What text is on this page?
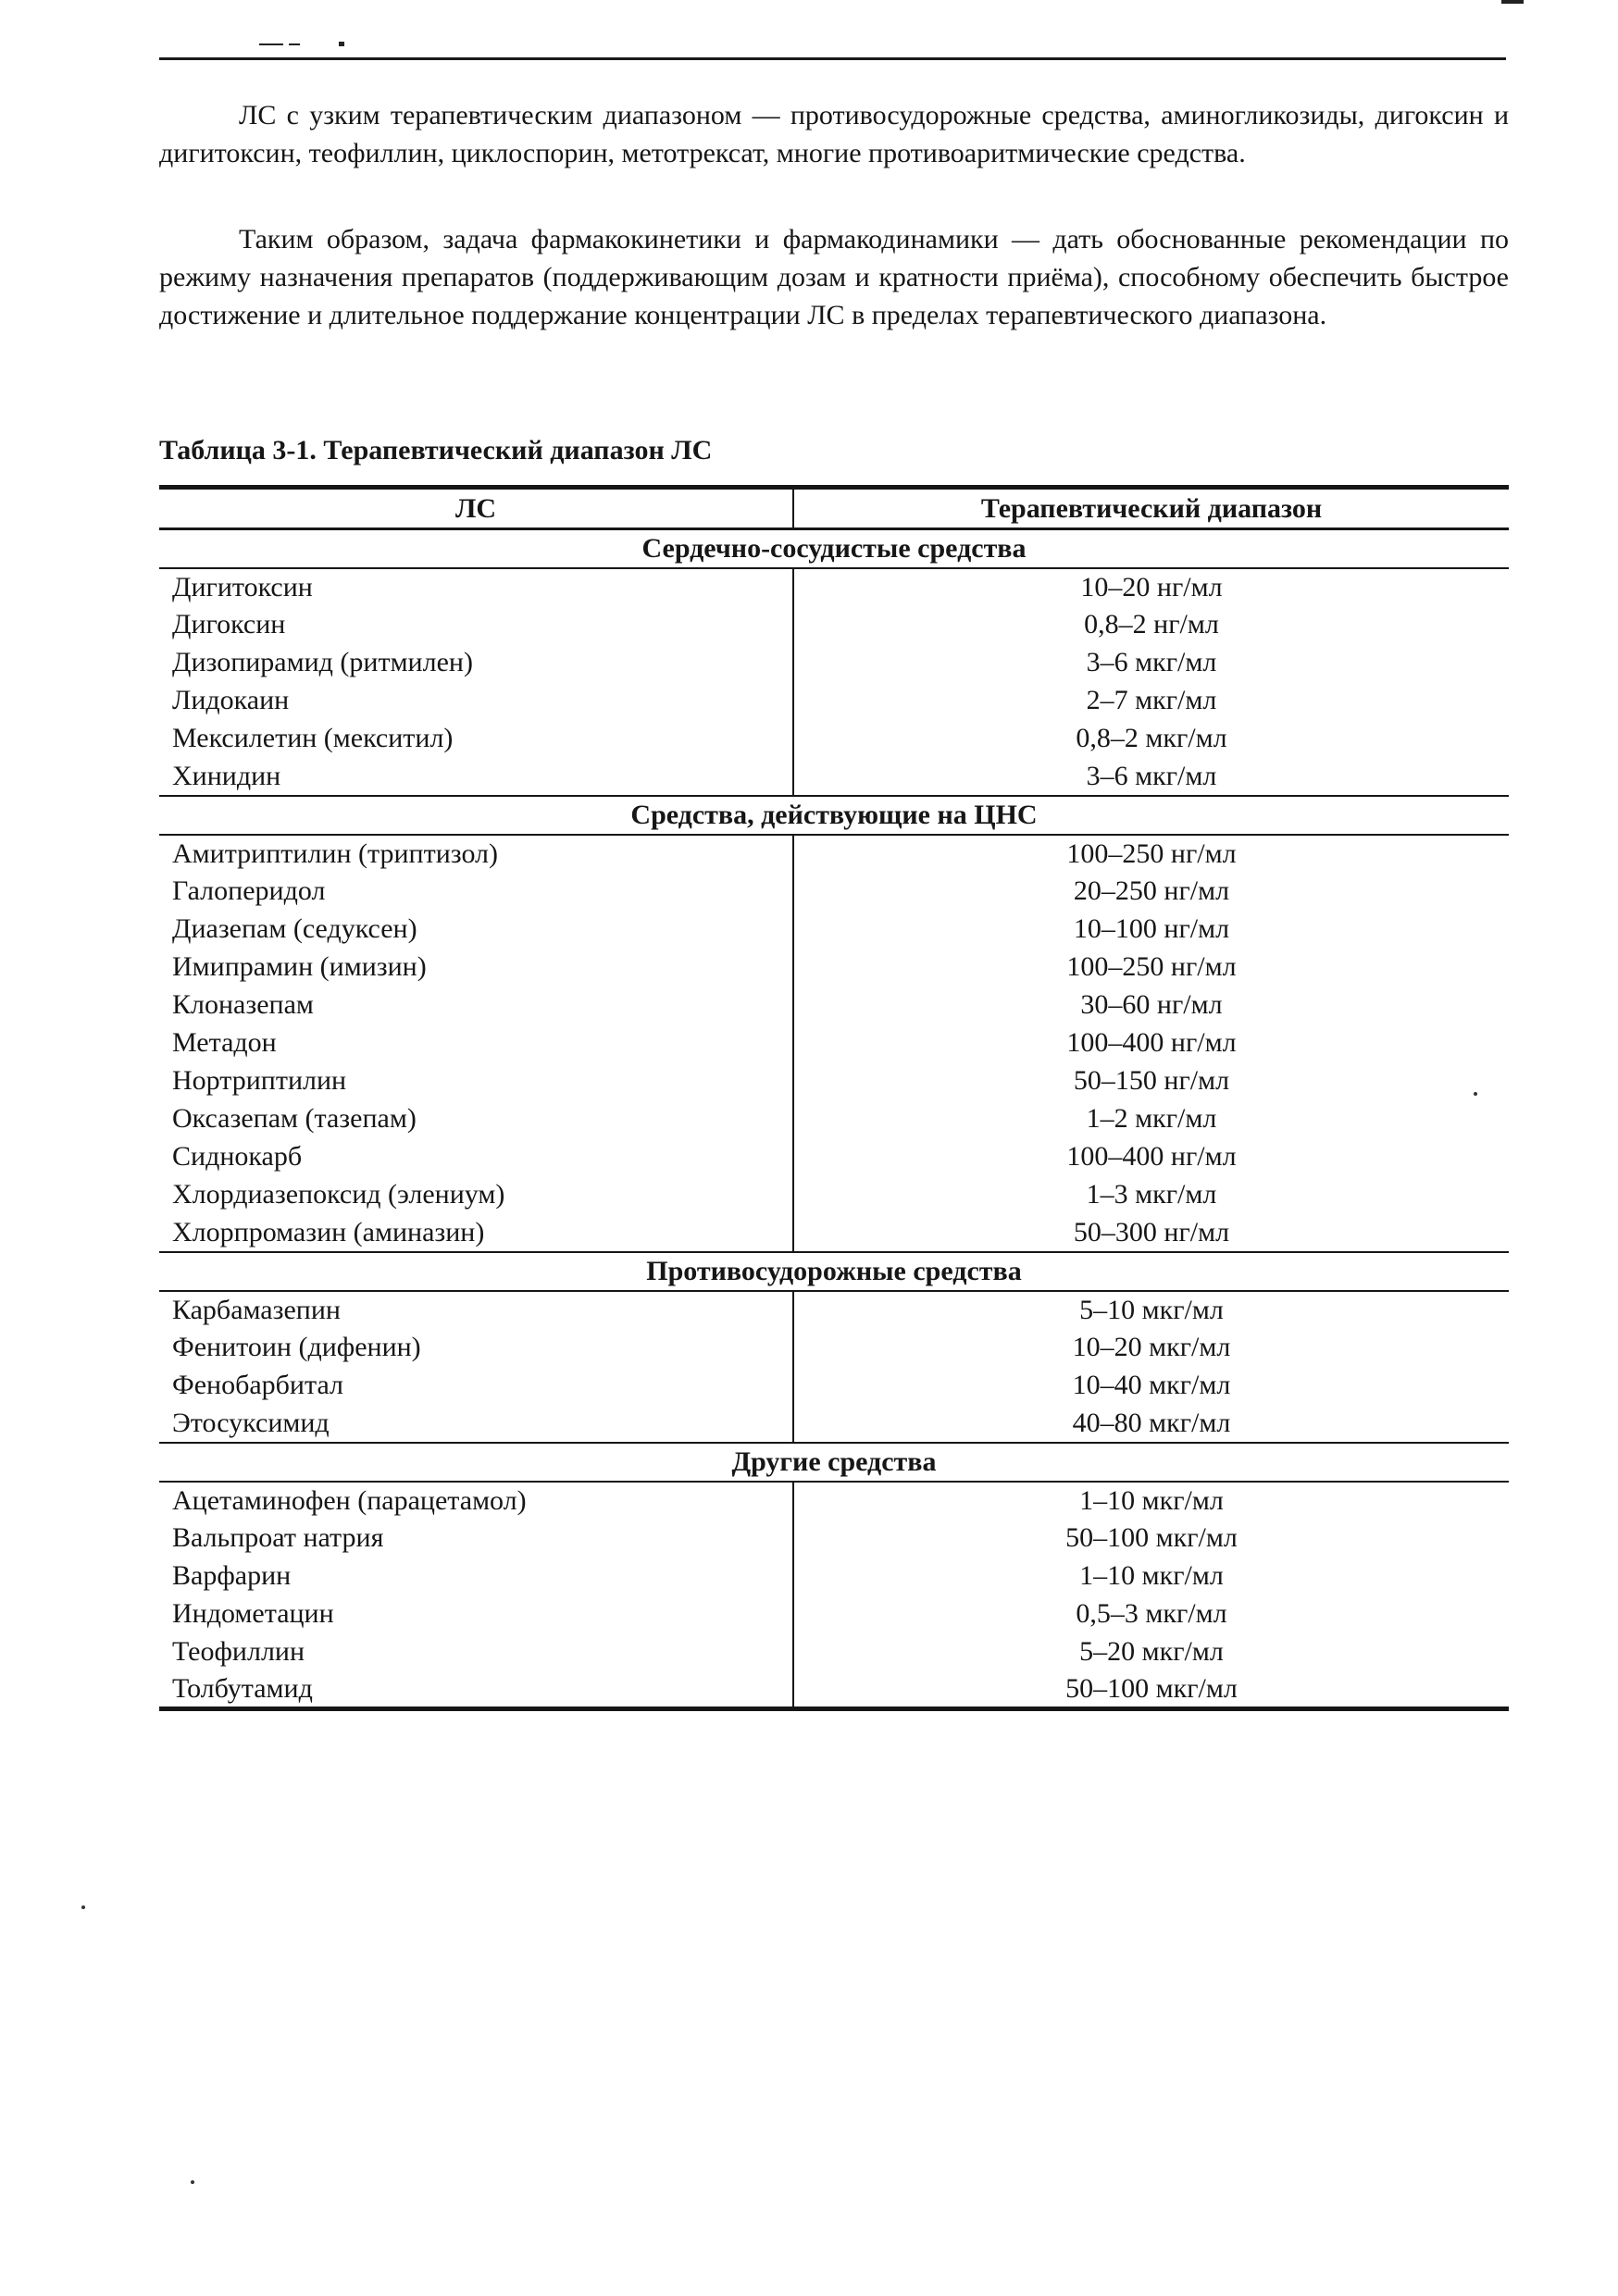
ЛС с узким терапевтическим диапазоном — противосудорожные средства, аминогликозиды, дигоксин и дигитоксин, теофиллин, циклоспорин, метотрексат, многие противоаритмические средства.

Таким образом, задача фармакокинетики и фармакодинамики — дать обоснованные рекомендации по режиму назначения препаратов (поддерживающим дозам и кратности приёма), способному обеспечить быстрое достижение и длительное поддержание концентрации ЛС в пределах терапевтического диапазона.

Таблица 3-1. Терапевтический диапазон ЛС

ЛС	Терапевтический диапазон
Сердечно-сосудистые средства	
Дигитоксин	10–20 нг/мл
Дигоксин	0,8–2 нг/мл
Дизопирамид (ритмилен)	3–6 мкг/мл
Лидокаин	2–7 мкг/мл
Мексилетин (мекситил)	0,8–2 мкг/мл
Хинидин	3–6 мкг/мл
Средства, действующие на ЦНС	
Амитриптилин (триптизол)	100–250 нг/мл
Галоперидол	20–250 нг/мл
Диазепам (седуксен)	10–100 нг/мл
Имипрамин (имизин)	100–250 нг/мл
Клоназепам	30–60 нг/мл
Метадон	100–400 нг/мл
Нортриптилин	50–150 нг/мл
Оксазепам (тазепам)	1–2 мкг/мл
Сиднокарб	100–400 нг/мл
Хлордиазепоксид (элениум)	1–3 мкг/мл
Хлорпромазин (аминазин)	50–300 нг/мл
Противосудорожные средства	
Карбамазепин	5–10 мкг/мл
Фенитоин (дифенин)	10–20 мкг/мл
Фенобарбитал	10–40 мкг/мл
Этосуксимид	40–80 мкг/мл
Другие средства	
Ацетаминофен (парацетамол)	1–10 мкг/мл
Вальпроат натрия	50–100 мкг/мл
Варфарин	1–10 мкг/мл
Индометацин	0,5–3 мкг/мл
Теофиллин	5–20 мкг/мл
Толбутамид	50–100 мкг/мл
